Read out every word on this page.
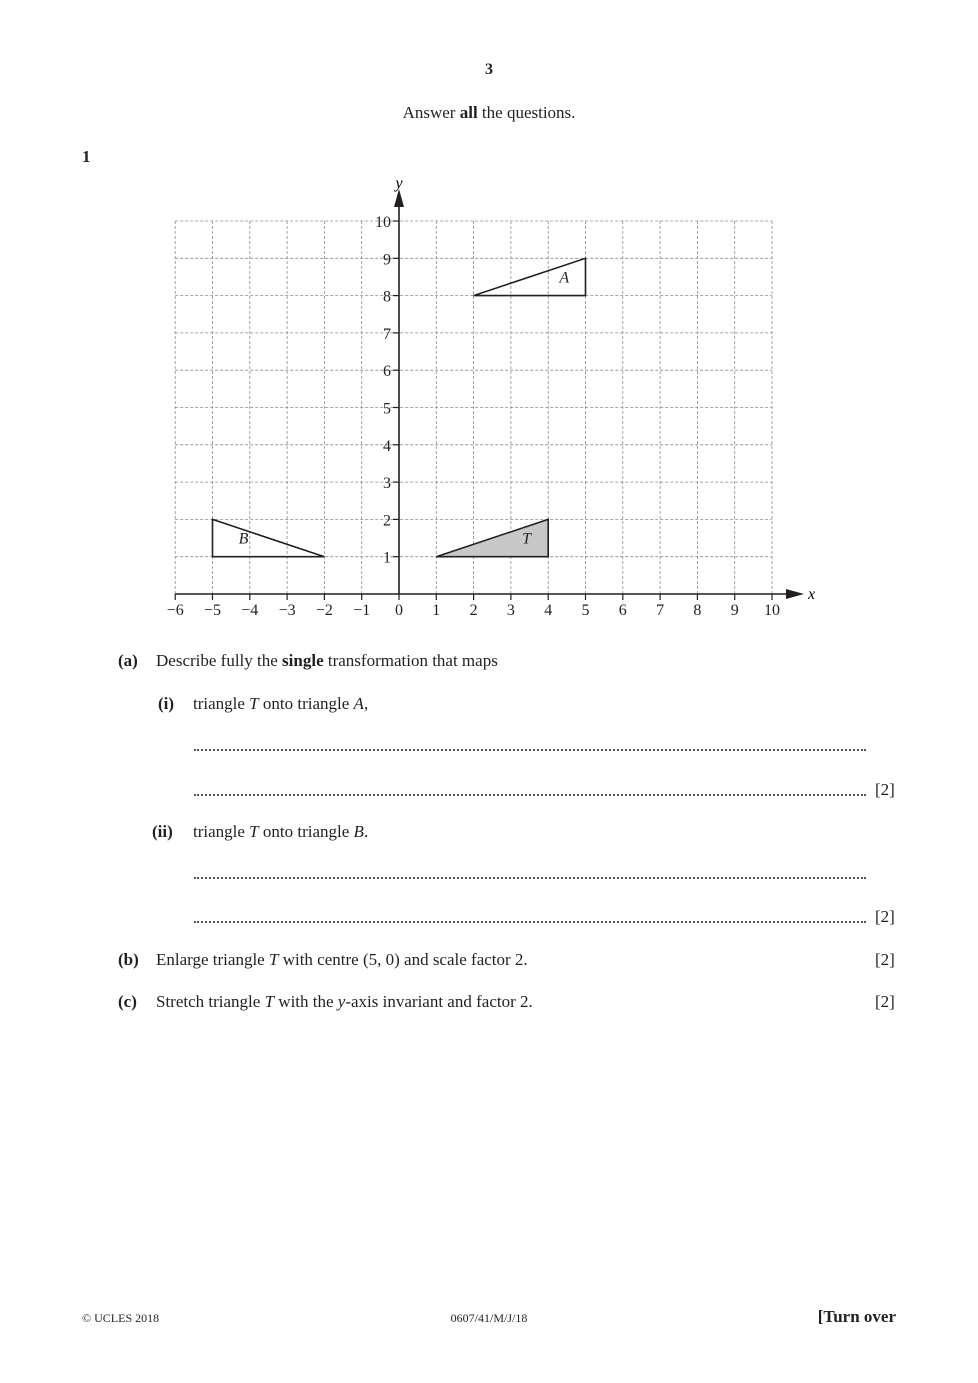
3
Answer all the questions.
1
A
B	T
−6 −5 −4 −3 −2 −1 0 1 2 3 4 5 6 7 8 9 10
1
2
3
4
5
6
7
8
9
10
x
y
(a) Describe fully the single transformation that maps
(i) triangle T onto triangle A,
[2]
(ii) triangle T onto triangle B.
[2]
(b) Enlarge triangle T with centre (5, 0) and scale factor 2.	[2]
(c) Stretch triangle T with the y-axis invariant and factor 2.	[2]
© UCLES 2018	0607/41/M/J/18	[Turn over
